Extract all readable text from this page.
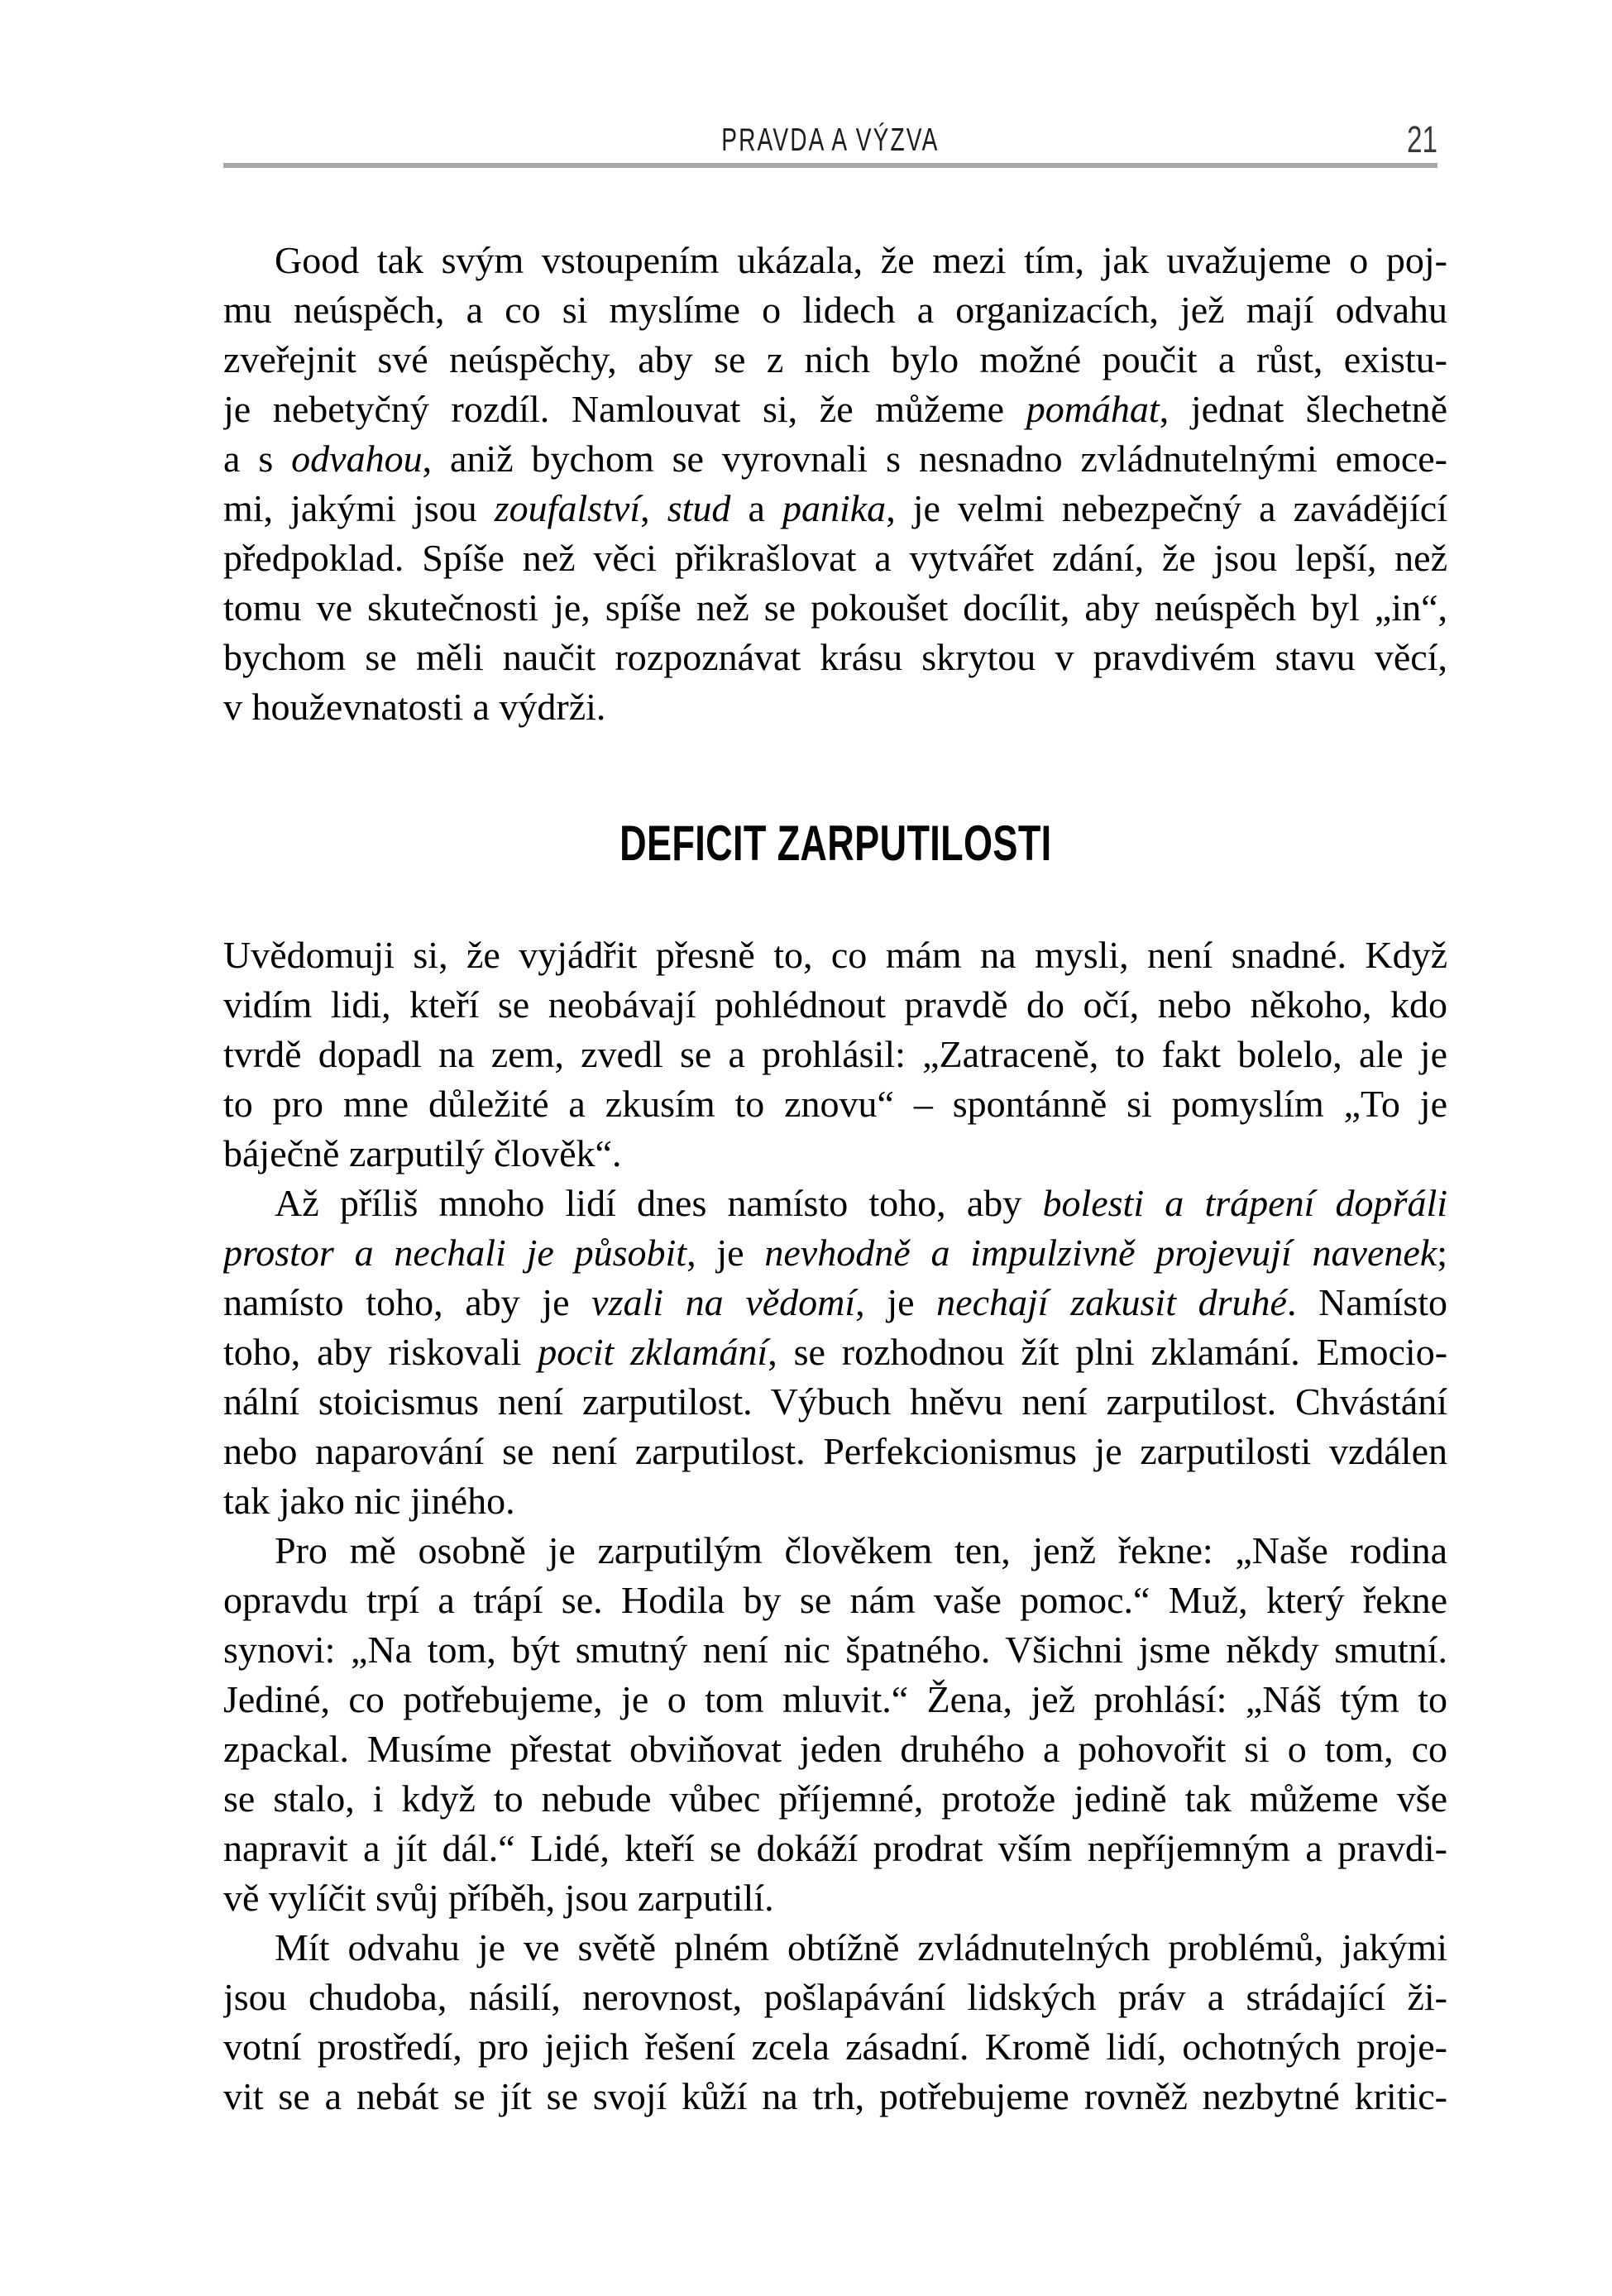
PRAVDA A VÝZVA	21
Good tak svým vstoupením ukázala, že mezi tím, jak uvažujeme o poj-
mu neúspěch, a co si myslíme o lidech a organizacích, jež mají odvahu
zveřejnit své neúspěchy, aby se z nich bylo možné poučit a růst, existu-
je nebetyčný rozdíl. Namlouvat si, že můžeme pomáhat, jednat šlechetně
a s odvahou, aniž bychom se vyrovnali s nesnadno zvládnutelnými emoce-
mi, jakými jsou zoufalství, stud a panika, je velmi nebezpečný a zavádějící
předpoklad. Spíše než věci přikrašlovat a vytvářet zdání, že jsou lepší, než
tomu ve skutečnosti je, spíše než se pokoušet docílit, aby neúspěch byl „in“,
bychom se měli naučit rozpoznávat krásu skrytou v pravdivém stavu věcí,
v houževnatosti a výdrži.
DEFICIT ZARPUTILOSTI
Uvědomuji si, že vyjádřit přesně to, co mám na mysli, není snadné. Když
vidím lidi, kteří se neobávají pohlédnout pravdě do očí, nebo někoho, kdo
tvrdě dopadl na zem, zvedl se a prohlásil: „Zatraceně, to fakt bolelo, ale je
to pro mne důležité a zkusím to znovu“ – spontánně si pomyslím „To je
báječně zarputilý člověk“.
Až příliš mnoho lidí dnes namísto toho, aby bolesti a trápení dopřáli
prostor a nechali je působit, je nevhodně a impulzivně projevují navenek;
namísto toho, aby je vzali na vědomí, je nechají zakusit druhé. Namísto
toho, aby riskovali pocit zklamání, se rozhodnou žít plni zklamání. Emocio-
nální stoicismus není zarputilost. Výbuch hněvu není zarputilost. Chvástání
nebo naparování se není zarputilost. Perfekcionismus je zarputilosti vzdálen
tak jako nic jiného.
Pro mě osobně je zarputilým člověkem ten, jenž řekne: „Naše rodina
opravdu trpí a trápí se. Hodila by se nám vaše pomoc.“ Muž, který řekne
synovi: „Na tom, být smutný není nic špatného. Všichni jsme někdy smutní.
Jediné, co potřebujeme, je o tom mluvit.“ Žena, jež prohlásí: „Náš tým to
zpackal. Musíme přestat obviňovat jeden druhého a pohovořit si o tom, co
se stalo, i když to nebude vůbec příjemné, protože jedině tak můžeme vše
napravit a jít dál.“ Lidé, kteří se dokáží prodrat vším nepříjemným a pravdi-
vě vylíčit svůj příběh, jsou zarputilí.
Mít odvahu je ve světě plném obtížně zvládnutelných problémů, jakými
jsou chudoba, násilí, nerovnost, pošlapávání lidských práv a strádající ži-
votní prostředí, pro jejich řešení zcela zásadní. Kromě lidí, ochotných proje-
vit se a nebát se jít se svojí kůží na trh, potřebujeme rovněž nezbytné kritic-
